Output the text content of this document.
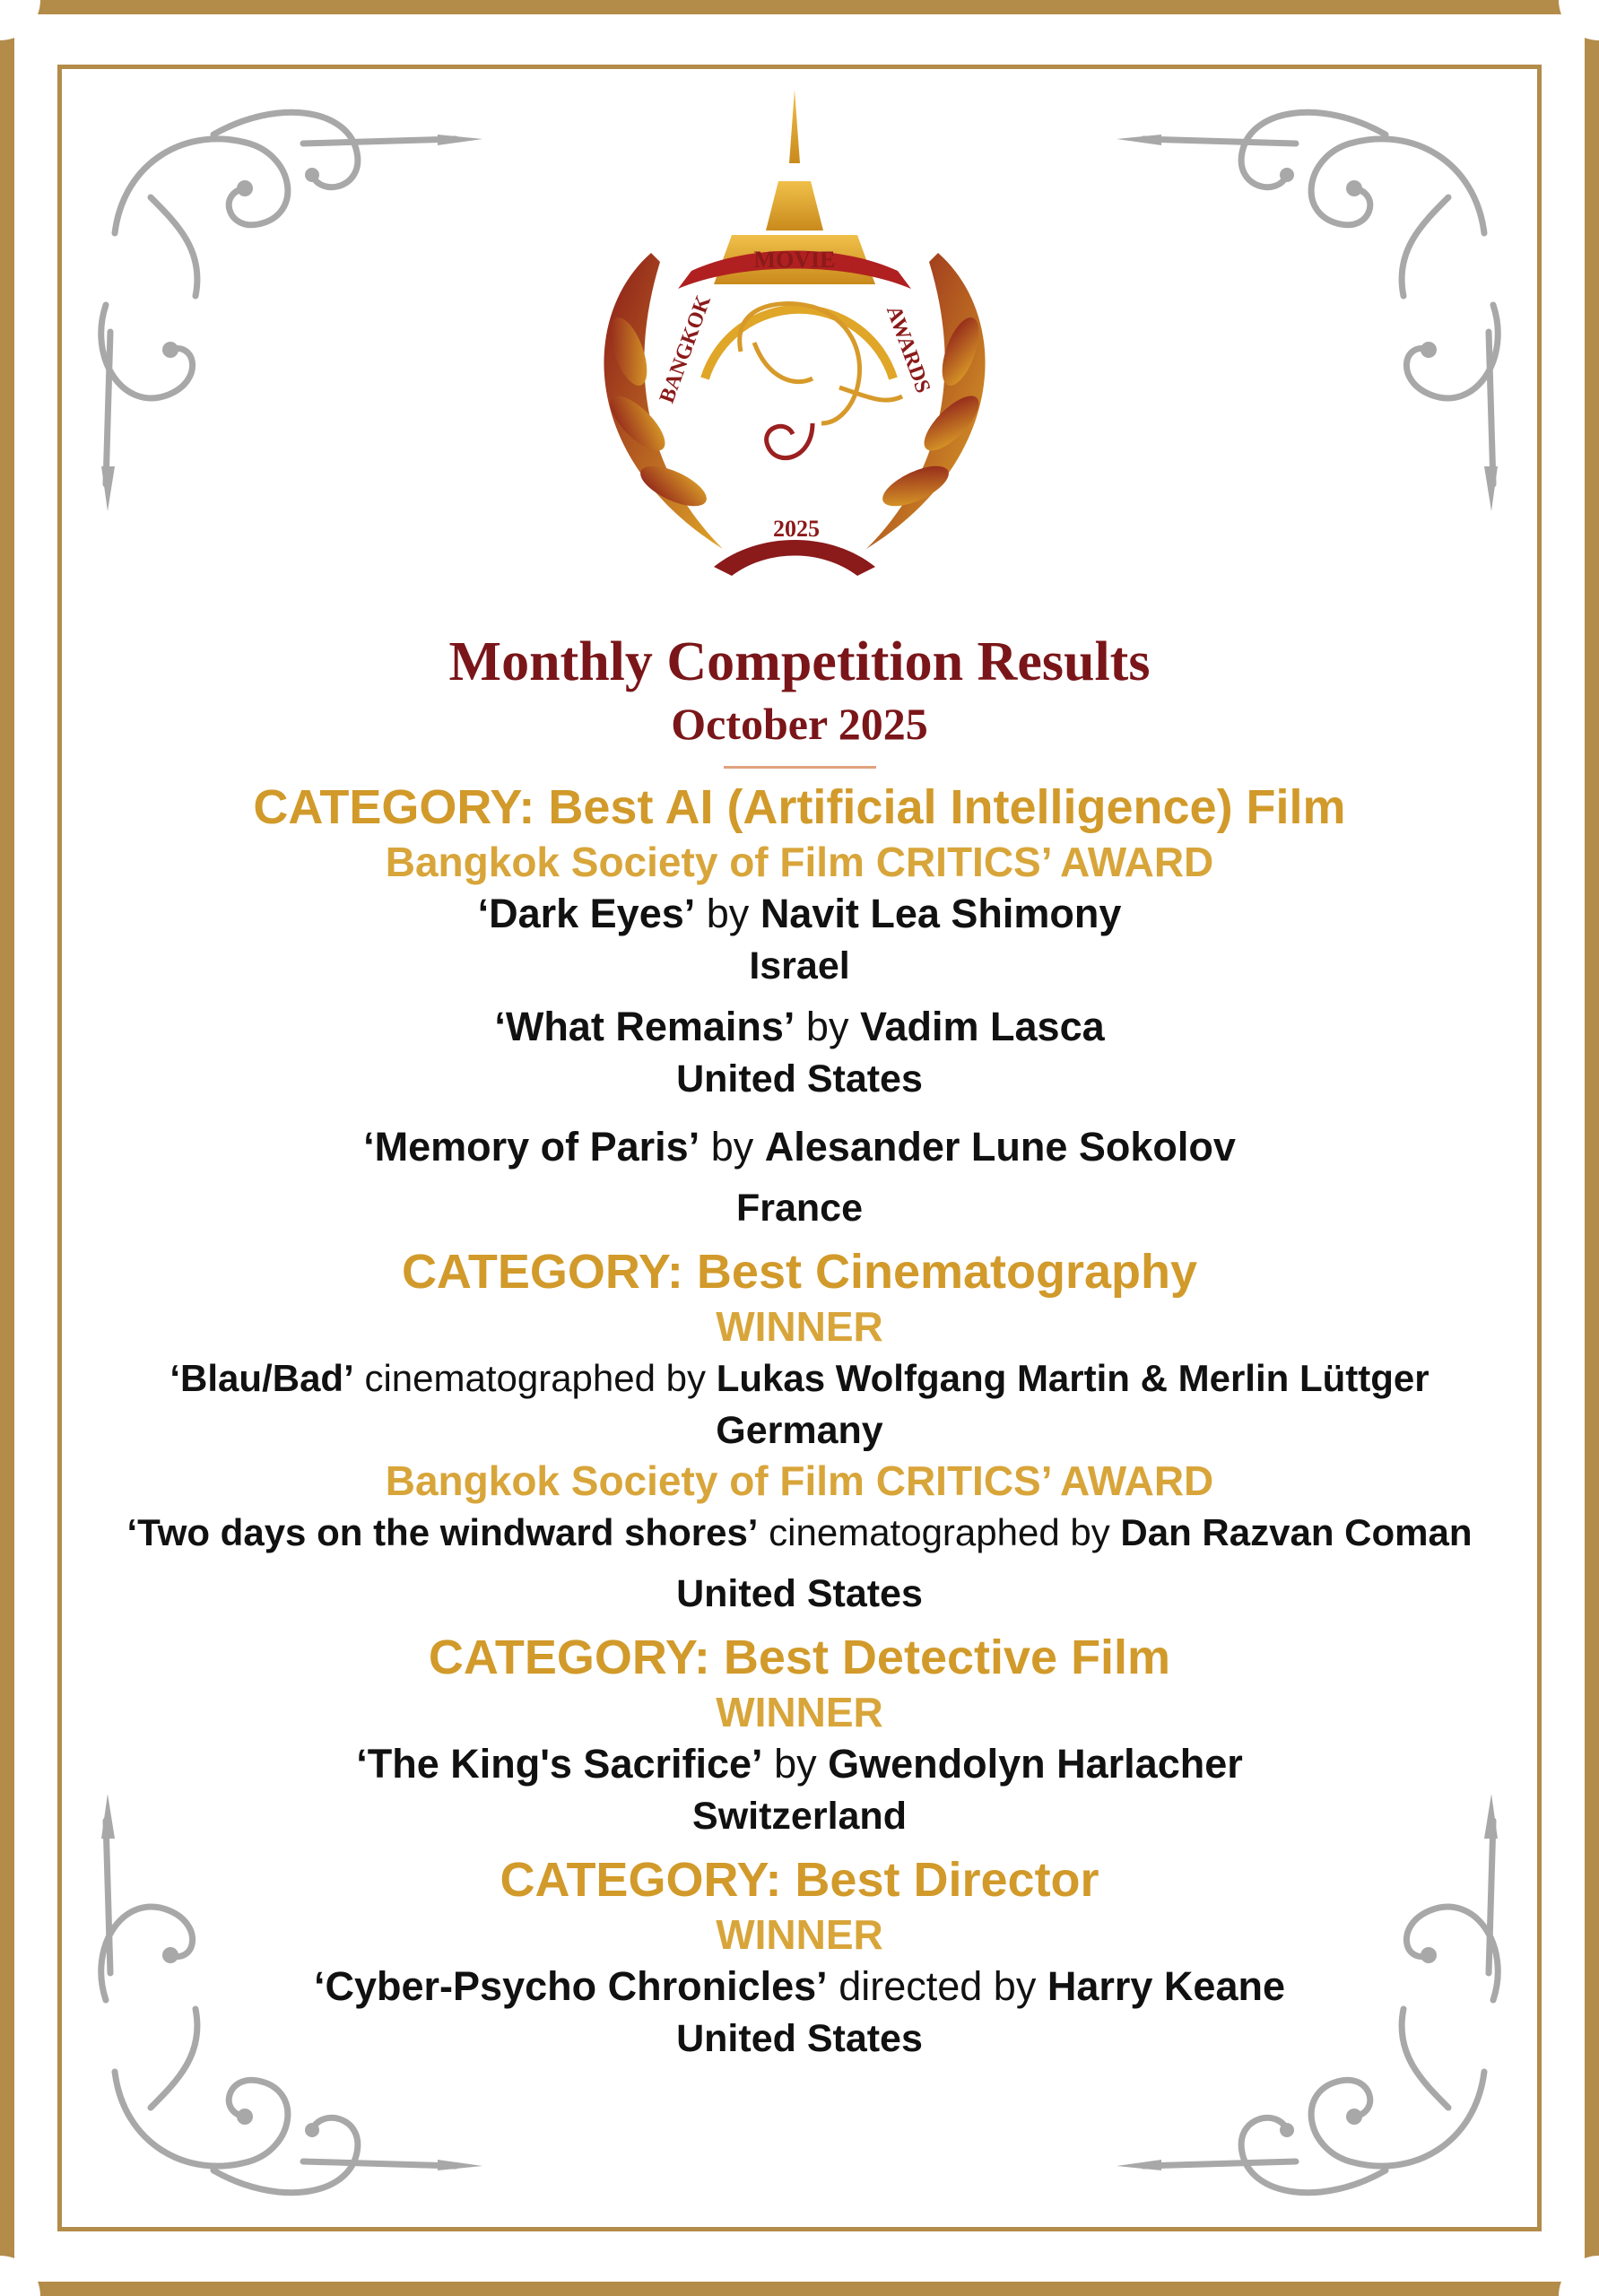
MOVIE
BANGKOK	AWARDS
2025
Monthly Competition Results
October 2025
CATEGORY: Best AI (Artificial Intelligence) Film
Bangkok Society of Film CRITICS’ AWARD
‘Dark Eyes’ by Navit Lea Shimony
Israel
‘What Remains’ by Vadim Lasca
United States
‘Memory of Paris’ by Alesander Lune Sokolov
France
CATEGORY: Best Cinematography
WINNER
‘Blau/Bad’ cinematographed by Lukas Wolfgang Martin & Merlin Lüttger
Germany
Bangkok Society of Film CRITICS’ AWARD
‘Two days on the windward shores’ cinematographed by Dan Razvan Coman
United States
CATEGORY: Best Detective Film
WINNER
‘The King's Sacrifice’ by Gwendolyn Harlacher
Switzerland
CATEGORY: Best Director
WINNER
‘Cyber-Psycho Chronicles’ directed by Harry Keane
United States
